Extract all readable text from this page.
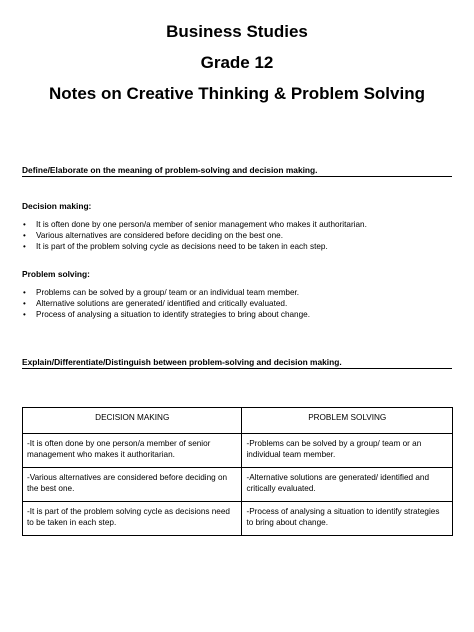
Business Studies
Grade 12
Notes on Creative Thinking & Problem Solving
Define/Elaborate on the meaning of problem-solving and decision making.
Decision making:
• It is often done by one person/a member of senior management who makes it authoritarian.
• Various alternatives are considered before deciding on the best one.
• It is part of the problem solving cycle as decisions need to be taken in each step.
Problem solving:
• Problems can be solved by a group/ team or an individual team member.
• Alternative solutions are generated/ identified and critically evaluated.
• Process of analysing a situation to identify strategies to bring about change.
Explain/Differentiate/Distinguish between problem-solving and decision making.
DECISION MAKING	PROBLEM SOLVING
-It is often done by one person/a member of senior management who makes it authoritarian.	-Problems can be solved by a group/ team or an individual team member.
-Various alternatives are considered before deciding on the best one.	-Alternative solutions are generated/ identified and critically evaluated.
-It is part of the problem solving cycle as decisions need to be taken in each step.	-Process of analysing a situation to identify strategies to bring about change.
